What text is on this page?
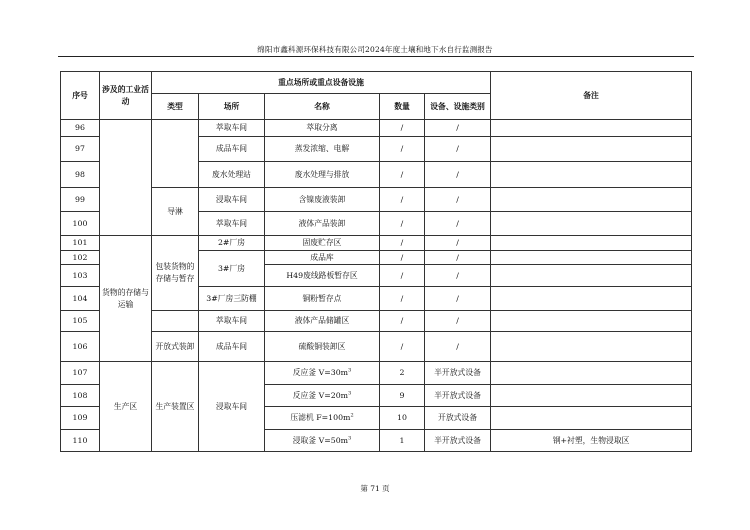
绵阳市鑫科源环保科技有限公司2024年度土壤和地下水自行监测报告
序号	涉及的工业活动	重点场所或重点设备设施					备注
		类型	场所	名称	数量	设备、设施类别	
96			萃取车间	萃取分离	/	/	
97			成品车间	蒸发浓缩、电解	/	/	
98			废水处理站	废水处理与排放	/	/	
99		导淋	浸取车间	含镍废液装卸	/	/	
100			萃取车间	液体产品装卸	/	/	
101	货物的存储与运输	包装货物的存储与暂存	2#厂房	固废贮存区	/	/	
102			3#厂房	成品库	/	/	
103				H49废线路板暂存区	/	/	
104			3#厂房三防棚	铜粉暂存点	/	/	
105			萃取车间	液体产品储罐区	/	/	
106		开放式装卸	成品车间	硫酸铜装卸区	/	/	
107	生产区	生产装置区	浸取车间	反应釜 $V=30m^3$	2	半开放式设备	
108				反应釜 $V=20m^3$	9	半开放式设备	
109				压滤机 $F=100m^2$	10	开放式设备	
110				浸取釜 $V=50m^3$	1	半开放式设备	钢+衬塑，生物浸取区
第 71 页
